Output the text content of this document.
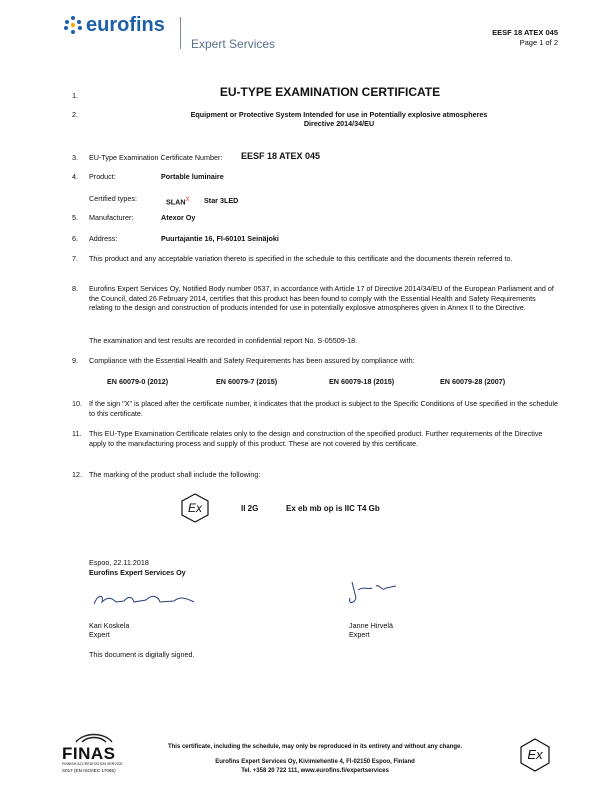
eurofins
Expert Services
EESF 18 ATEX 045
Page 1 of 2
1.	EU-TYPE EXAMINATION CERTIFICATE
2.	Equipment or Protective System Intended for use in Potentially explosive atmospheres
Directive 2014/34/EU
3. EU-Type Examination Certificate Number: EESF 18 ATEX 045
4. Product:	Portable luminaire
Certified types:	$SLAN^X$ Star 3LED
5. Manufacturer:	Atexor Oy
6. Address:	Puurtajantie 16, FI-60101 Seinäjoki
7. This product and any acceptable variation thereto is specified in the schedule to this certificate and the documents therein referred to.
8. Eurofins Expert Services Oy, Notified Body number 0537, in accordance with Article 17 of Directive 2014/34/EU of the European Parliament and of the Council, dated 26 February 2014, certifies that this product has been found to comply with the Essential Health and Safety Requirements relating to the design and construction of products intended for use in potentially explosive atmospheres given in Annex II to the Directive.
The examination and test results are recorded in confidential report No. S-05509-18.
9. Compliance with the Essential Health and Safety Requirements has been assured by compliance with:
EN 60079-0 (2012)	EN 60079-7 (2015)	EN 60079-18 (2015)	EN 60079-28 (2007)
10. If the sign "X" is placed after the certificate number, it indicates that the product is subject to the Specific Conditions of Use specified in the schedule to this certificate.
11. This EU-Type Examination Certificate relates only to the design and construction of the specified product. Further requirements of the Directive apply to the manufacturing process and supply of this product. These are not covered by this certificate.
12. The marking of the product shall include the following:
Ex	II 2G	Ex eb mb op is IIC T4 Gb
Espoo, 22.11.2018
Eurofins Expert Services Oy
Kari Koskela
Expert
Janne Hirvelä
Expert
This document is digitally signed.
FINAS
FINNISH ACCREDITATION SERVICE
S017 (EN ISO/IEC 17065)
This certificate, including the schedule, may only be reproduced in its entirety and without any change.
Eurofins Expert Services Oy, Kivimiehentie 4, FI-02150 Espoo, Finland
Tel. +358 20 722 111, www.eurofins.fi/expertservices
Ex
